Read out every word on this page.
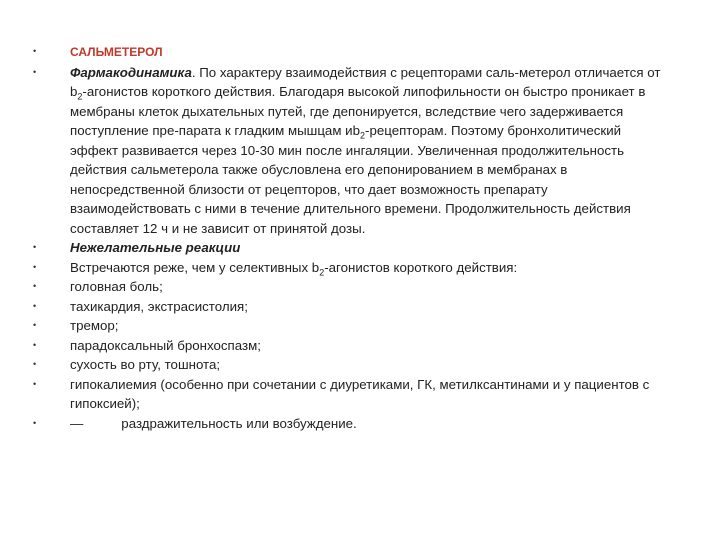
•	САЛЬМЕТЕРОЛ
•	Фармакодинамика. По характеру взаимодействия с рецепторами саль-метерол отличается от $b_2$-агонистов короткого действия. Благодаря высокой липофильности он быстро проникает в мембраны клеток дыхательных путей, где депонируется, вследствие чего задерживается поступление пре-парата к гладким мышцам $иb_2$-рецепторам. Поэтому бронхолитический эффект развивается через 10-30 мин после ингаляции. Увеличенная продолжительность действия сальметерола также обусловлена его депонированием в мембранах в непосредственной близости от рецепторов, что дает возможность препарату взаимодействовать с ними в течение длительного времени. Продолжительность действия составляет 12 ч и не зависит от принятой дозы.
•	Нежелательные реакции
•	Встречаются реже, чем у селективных $b_2$-агонистов короткого действия:
•	головная боль;
•	тахикардия, экстрасистолия;
•	тремор;
•	парадоксальный бронхоспазм;
•	сухость во рту, тошнота;
•	гипокалиемия (особенно при сочетании с диуретиками, ГК, метилксантинами и у пациентов с гипоксией);
•	—	раздражительность или возбуждение.
